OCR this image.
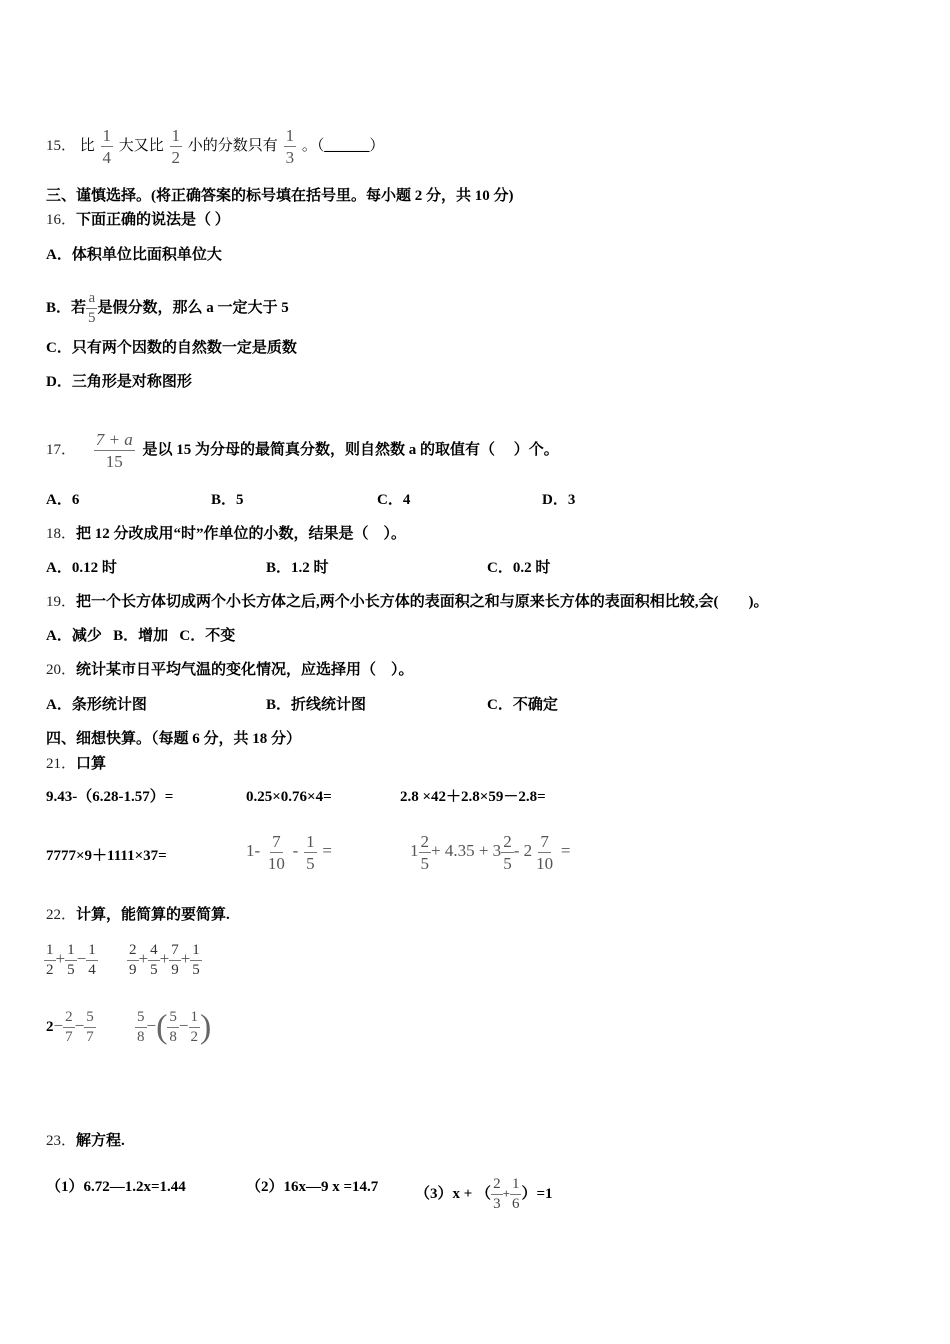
15． 比 $\frac{1}{4}$ 大又比 $\frac{1}{2}$ 小的分数只有 $\frac{1}{3}$ 。（______）
三、谨慎选择。(将正确答案的标号填在括号里。每小题 2 分，共 10 分)
16．下面正确的说法是（ ）
A．体积单位比面积单位大
B．若 $\frac{a}{5}$ 是假分数，那么 a 一定大于 5
C．只有两个因数的自然数一定是质数
D．三角形是对称图形
17． $\frac{7 + a}{15}$ 是以 15 为分母的最简真分数，则自然数 a 的取值有（　 ）个。
A．6	B．5	C．4	D．3
18．把 12 分改成用“时”作单位的小数，结果是（　）。
A．0.12 时	B．1.2 时	C．0.2 时
19．把一个长方体切成两个小长方体之后,两个小长方体的表面积之和与原来长方体的表面积相比较,会(　　)。
A．减少 B．增加 C．不变
20．统计某市日平均气温的变化情况，应选择用（　）。
A．条形统计图	B．折线统计图	C．不确定
四、细想快算。（每题 6 分，共 18 分）
21．口算
9.43-（6.28-1.57）=	0.25×0.76×4=	2.8 ×42＋2.8×59－2.8=
7777×9＋1111×37=	$1- \frac{7}{10} - \frac{1}{5}$ =	$1 \frac{2}{5} + 4.35 + 3 \frac{2}{5} - 2 \frac{7}{10}$ =
22．计算，能简算的要简算.
$\frac{1}{2} + \frac{1}{5} - \frac{1}{4} \frac{2}{9} + \frac{4}{5} + \frac{7}{9} + \frac{1}{5}$
$2- \frac{2}{7} - \frac{5}{7}$	$\frac{5}{8}$ −( $\frac{5}{8} - \frac{1}{2}$ )
23．解方程.
（1）6.72—1.2x=1.44	（2）16x—9 x =14.7 （3）x + （ $\frac{2}{3} + \frac{1}{6} )=1$
